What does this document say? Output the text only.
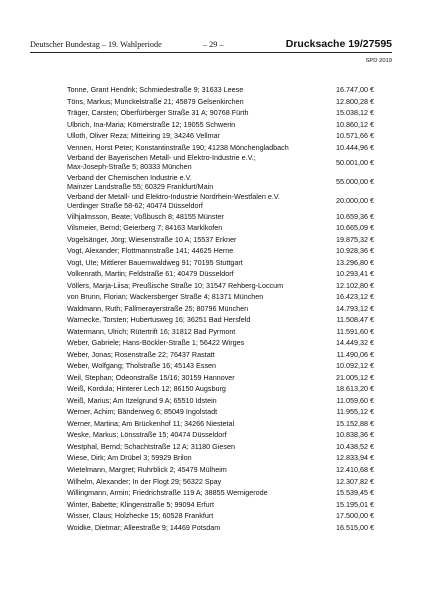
Deutscher Bundestag – 19. Wahlperiode	– 29 –	Drucksache 19/27595
SPD 2019
Tonne, Grant Hendrik; Schmiedestraße 9; 31633 Leese	16.747,00 €
Töns, Markus; Munckelstraße 21; 45879 Gelsenkirchen	12.800,28 €
Träger, Carsten; Oberfürberger Straße 31 A; 90768 Fürth	15.038,12 €
Ulbrich, Ina-Maria; Körnerstraße 12; 19055 Schwerin	10.860,12 €
Ulloth, Oliver Reza; Mitteiring 19; 34246 Vellmar	10.571,66 €
Vennen, Horst Peter; Konstantinstraße 190; 41238 Mönchengladbach	10.444,96 €
Verband der Bayerischen Metall- und Elektro-Industrie e.V.;
Max-Joseph-Straße 5; 80333 München	50.001,00 €
Verband der Chemischen Industrie e.V.
Mainzer Landstraße 55; 60329 Frankfurt/Main	55.000,00 €
Verband der Metall- und Elektro-Industrie Nordrhein-Westfalen e.V.
Uerdinger Straße 58-62; 40474 Düsseldorf	20.000,00 €
Vilhjalmsson, Beate; Voßbusch 8; 48155 Münster	10.659,36 €
Vilsmeier, Bernd; Geierberg 7; 84163 Marklkofen	10.665,09 €
Vogelsänger, Jörg; Wiesenstraße 10 A; 15537 Erkner	19.875,32 €
Vogt, Alexander; Flottmannstraße 141; 44625 Herne	10.928,36 €
Vogt, Ute; Mittlerer Bauernwaldweg 91; 70195 Stuttgart	13.296,80 €
Volkenrath, Martin; Feldstraße 61; 40479 Düsseldorf	10.293,41 €
Völlers, Marja-Liisa; Preußische Straße 10; 31547 Rehberg-Loccum	12.102,80 €
von Brunn, Florian; Wackersberger Straße 4; 81371 München	16.423,12 €
Waldmann, Ruth; Fallmerayerstraße 25; 80796 München	14.793,12 €
Warnecke, Torsten; Hubertusweg 16; 36251 Bad Hersfeld	11.508,47 €
Watermann, Ulrich; Rütertrift 16; 31812 Bad Pyrmont	11.591,60 €
Weber, Gabriele; Hans-Böckler-Straße 1; 56422 Wirges	14.449,32 €
Weber, Jonas; Rosenstraße 22; 76437 Rastatt	11.490,06 €
Weber, Wolfgang; Tholstraße 16; 45143 Essen	10.092,12 €
Weil, Stephan; Odeonstraße 15/16; 30159 Hannover	21.005,12 €
Weiß, Kordula; Hinterer Lech 12; 86150 Augsburg	18.613,20 €
Weiß, Marius; Am Itzelgrund 9 A; 65510 Idstein	11.059,60 €
Werner, Achim; Bänderweg 6; 85049 Ingolstadt	11.955,12 €
Werner, Martina; Am Brückenhof 11; 34266 Niestetal	15.152,88 €
Weske, Markus; Lönsstraße 15; 40474 Düsseldorf	10.838,36 €
Westphal, Bernd; Schachtstraße 12 A; 31180 Giesen	10.438,52 €
Wiese, Dirk; Am Drübel 3; 59929 Brilon	12.833,94 €
Wietelmann, Margret; Ruhrblick 2; 45479 Mülheim	12.410,68 €
Wilhelm, Alexander; In der Flogt 29; 56322 Spay	12.307,82 €
Willingmann, Armin; Friedrichstraße 119 A; 38855 Wernigerode	15.539,45 €
Winter, Babette; Klingenstraße 5; 99094 Erfurt	15.195,01 €
Wisser, Claus; Holzhecke 15; 60528 Frankfurt	17.500,00 €
Woidke, Dietmar; Alleestraße 9; 14469 Potsdam	16.515,00 €
